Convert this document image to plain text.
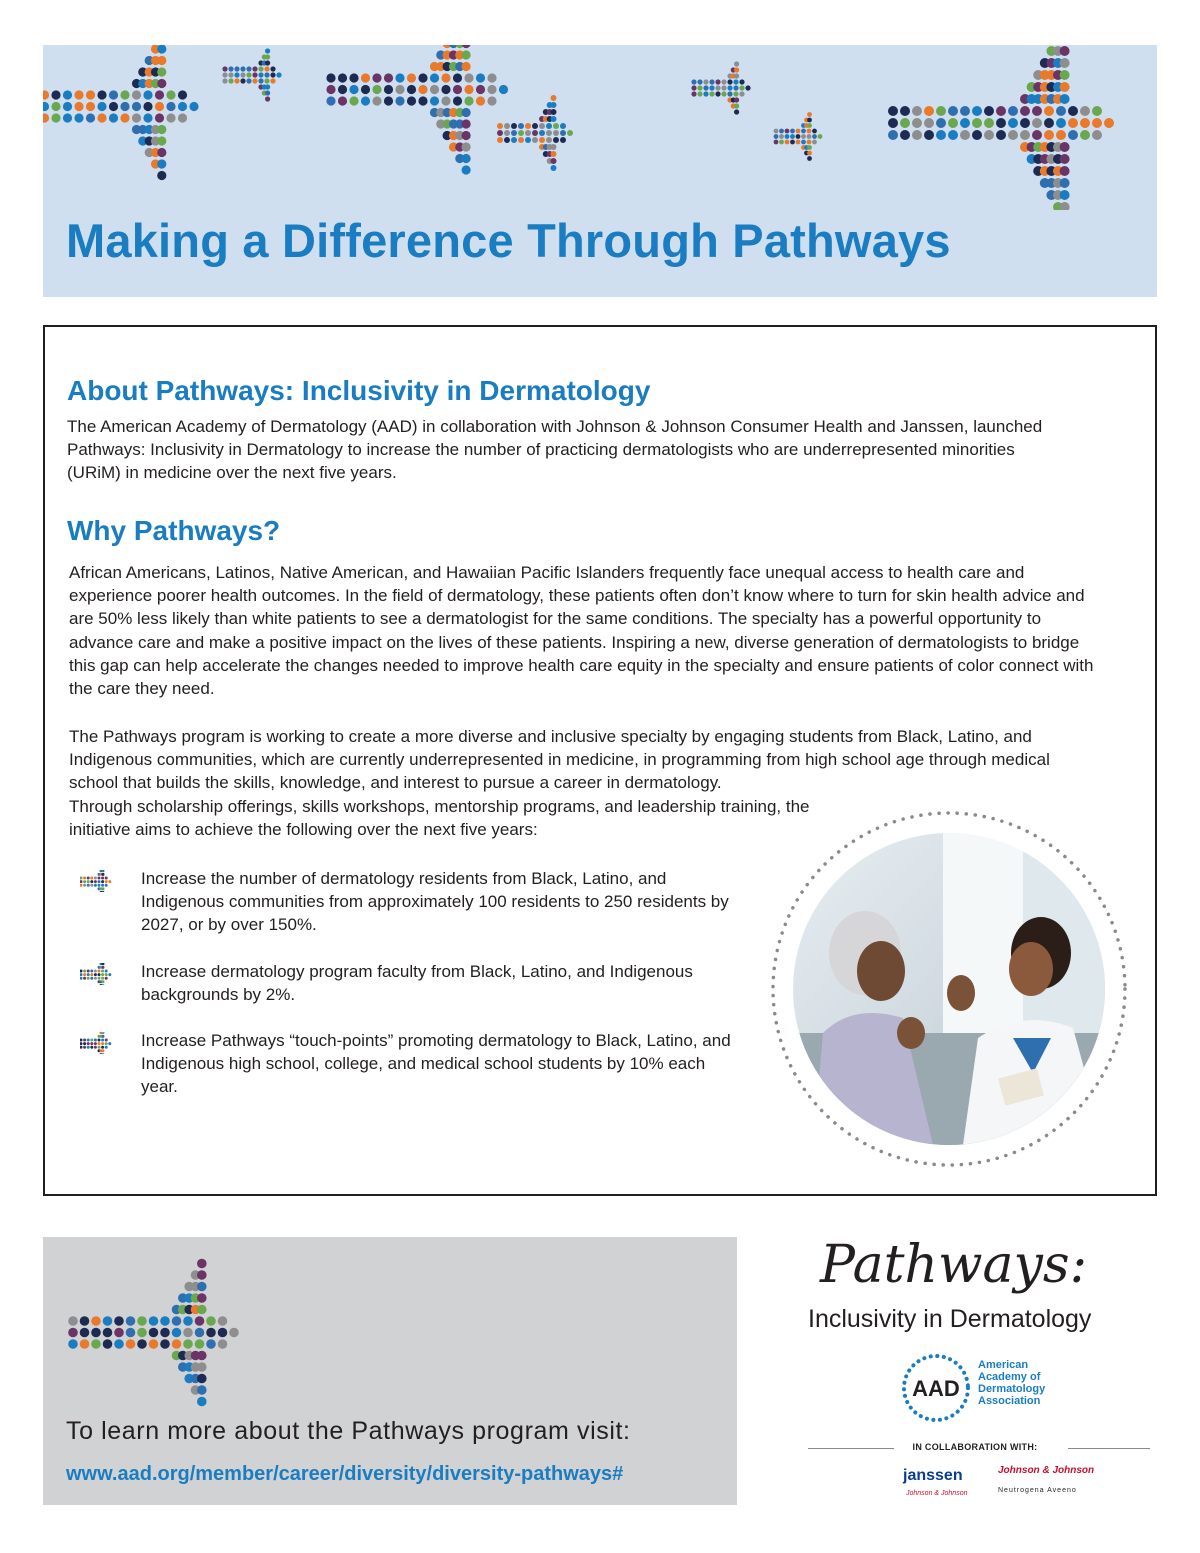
Making a Difference Through Pathways
About Pathways: Inclusivity in Dermatology

The American Academy of Dermatology (AAD) in collaboration with Johnson & Johnson Consumer Health and Janssen, launched Pathways: Inclusivity in Dermatology to increase the number of practicing dermatologists who are underrepresented minorities (URiM) in medicine over the next five years.

Why Pathways?

African Americans, Latinos, Native American, and Hawaiian Pacific Islanders frequently face unequal access to health care and experience poorer health outcomes. In the field of dermatology, these patients often don’t know where to turn for skin health advice and are 50% less likely than white patients to see a dermatologist for the same conditions. The specialty has a powerful opportunity to advance care and make a positive impact on the lives of these patients. Inspiring a new, diverse generation of dermatologists to bridge this gap can help accelerate the changes needed to improve health care equity in the specialty and ensure patients of color connect with the care they need.

The Pathways program is working to create a more diverse and inclusive specialty by engaging students from Black, Latino, and Indigenous communities, which are currently underrepresented in medicine, in programming from high school age through medical school that builds the skills, knowledge, and interest to pursue a career in dermatology.

Through scholarship offerings, skills workshops, mentorship programs, and leadership training, the initiative aims to achieve the following over the next five years:

Increase the number of dermatology residents from Black, Latino, and Indigenous communities from approximately 100 residents to 250 residents by 2027, or by over 150%.
Increase dermatology program faculty from Black, Latino, and Indigenous backgrounds by 2%.
Increase Pathways “touch-points” promoting dermatology to Black, Latino, and Indigenous high school, college, and medical school students by 10% each year.

To learn more about the Pathways program visit:

www.aad.org/member/career/diversity/diversity-pathways#

Pathways:

Inclusivity in Dermatology

AAD

American Academy of Dermatology Association

IN COLLABORATION WITH:

janssen

Johnson & Johnson

Johnson & Johnson

Neutrogena Aveeno
